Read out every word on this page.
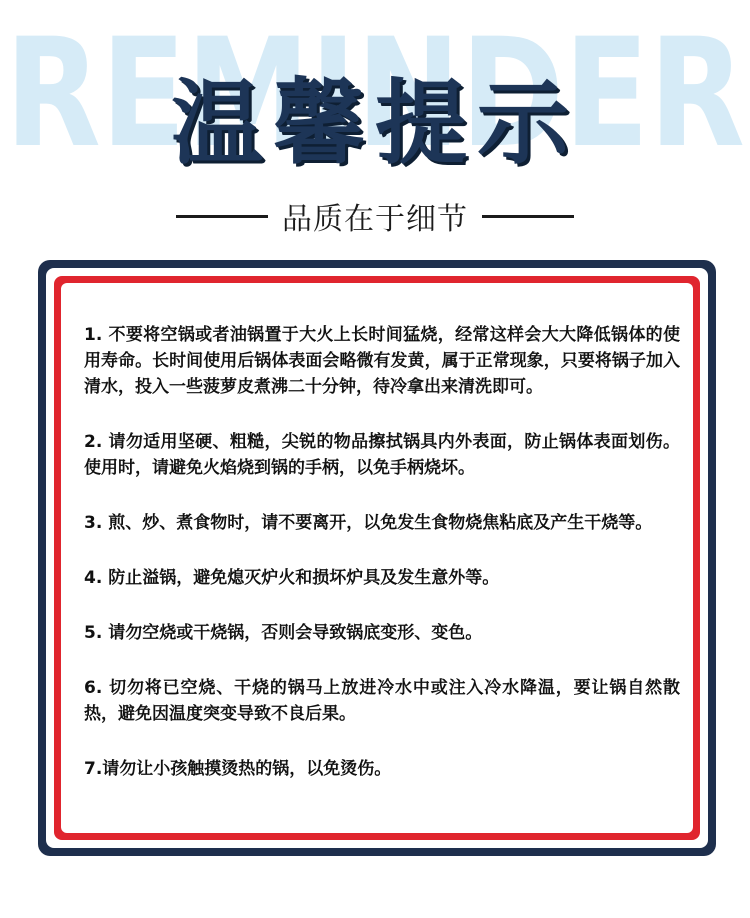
REMINDER
温馨提示
品质在于细节
1. 不要将空锅或者油锅置于大火上长时间猛烧，经常这样会大大降低锅体的使用寿命。长时间使用后锅体表面会略微有发黄，属于正常现象，只要将锅子加入清水，投入一些菠萝皮煮沸二十分钟，待冷拿出来清洗即可。
2. 请勿适用坚硬、粗糙，尖锐的物品擦拭锅具内外表面，防止锅体表面划伤。使用时，请避免火焰烧到锅的手柄，以免手柄烧坏。
3. 煎、炒、煮食物时，请不要离开，以免发生食物烧焦粘底及产生干烧等。
4. 防止溢锅，避免熄灭炉火和损坏炉具及发生意外等。
5. 请勿空烧或干烧锅，否则会导致锅底变形、变色。
6. 切勿将已空烧、干烧的锅马上放进冷水中或注入冷水降温，要让锅自然散热，避免因温度突变导致不良后果。
7.请勿让小孩触摸烫热的锅，以免烫伤。
